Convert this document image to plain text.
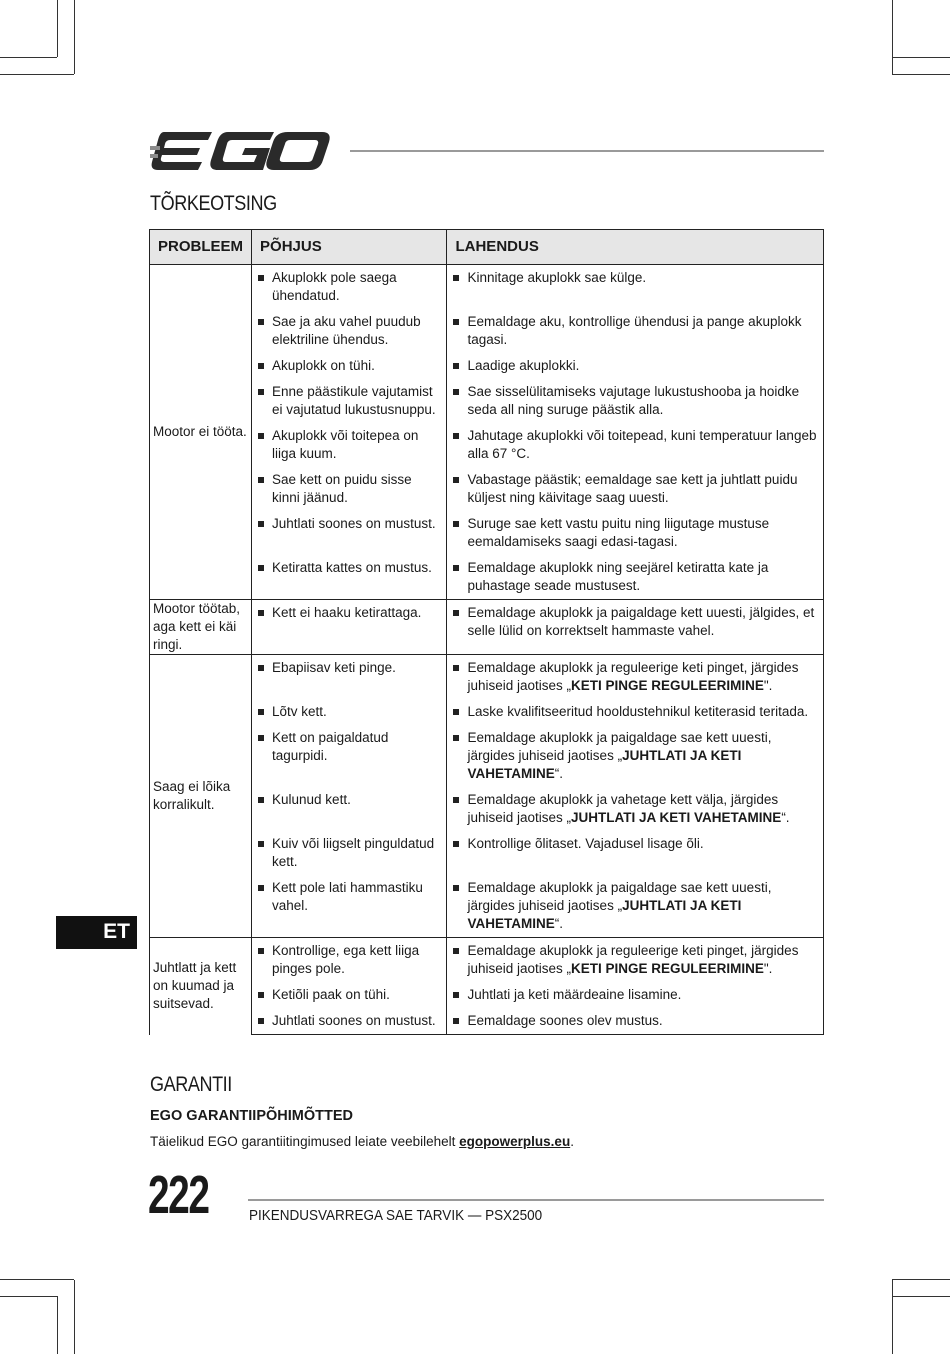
TÕRKEOTSING
PROBLEEM	PÕHJUS	LAHENDUS
Mootor ei tööta.	Akuplokk pole saega ühendatud.	Kinnitage akuplokk sae külge.

	Sae ja aku vahel puudub elektriline ühendus.	Eemaldage aku, kontrollige ühendusi ja pange akuplokk tagasi.

	Akuplokk on tühi.	Laadige akuplokki.

	Enne päästikule vajutamist ei vajutatud lukustusnuppu.	Sae sisselülitamiseks vajutage lukustushooba ja hoidke seda all ning suruge päästik alla.

	Akuplokk või toitepea on liiga kuum.	Jahutage akuplokki või toitepead, kuni temperatuur langeb alla 67 °C.

	Sae kett on puidu sisse kinni jäänud.	Vabastage päästik; eemaldage sae kett ja juhtlatt puidu küljest ning käivitage saag uuesti.

	Juhtlati soones on mustust.	Suruge sae kett vastu puitu ning liigutage mustuse eemaldamiseks saagi edasi-tagasi.

	Ketiratta kattes on mustus.	Eemaldage akuplokk ning seejärel ketiratta kate ja puhastage seade mustusest.

Mootor töötab, aga kett ei käi ringi.	Kett ei haaku ketirattaga.	Eemaldage akuplokk ja paigaldage kett uuesti, jälgides, et selle lülid on korrektselt hammaste vahel.

Saag ei lõika korralikult.	Ebapiisav keti pinge.	Eemaldage akuplokk ja reguleerige keti pinget, järgides juhiseid jaotises „KETI PINGE REGULEERIMINE".

	Lõtv kett.	Laske kvalifitseeritud hooldustehnikul ketiterasid teritada.

	Kett on paigaldatud tagurpidi.	Eemaldage akuplokk ja paigaldage sae kett uuesti, järgides juhiseid jaotises „JUHTLATI JA KETI VAHETAMINE“.

	Kulunud kett.	Eemaldage akuplokk ja vahetage kett välja, järgides juhiseid jaotises „JUHTLATI JA KETI VAHETAMINE“.

	Kuiv või liigselt pinguldatud kett.	Kontrollige õlitaset. Vajadusel lisage õli.

	Kett pole lati hammastiku vahel.	Eemaldage akuplokk ja paigaldage sae kett uuesti, järgides juhiseid jaotises „JUHTLATI JA KETI VAHETAMINE“.

Juhtlatt ja kett on kuumad ja suitsevad.	Kontrollige, ega kett liiga pinges pole.	Eemaldage akuplokk ja reguleerige keti pinget, järgides juhiseid jaotises „KETI PINGE REGULEERIMINE".

	Ketiõli paak on tühi.	Juhtlati ja keti määrdeaine lisamine.

	Juhtlati soones on mustust.	Eemaldage soones olev mustus.
GARANTII
EGO GARANTIIPÕHIMÕTTED

Täielikud EGO garantiitingimused leiate veebilehelt egopowerplus.eu.

222	PIKENDUSVARREGA SAE TARVIK — PSX2500
ET
